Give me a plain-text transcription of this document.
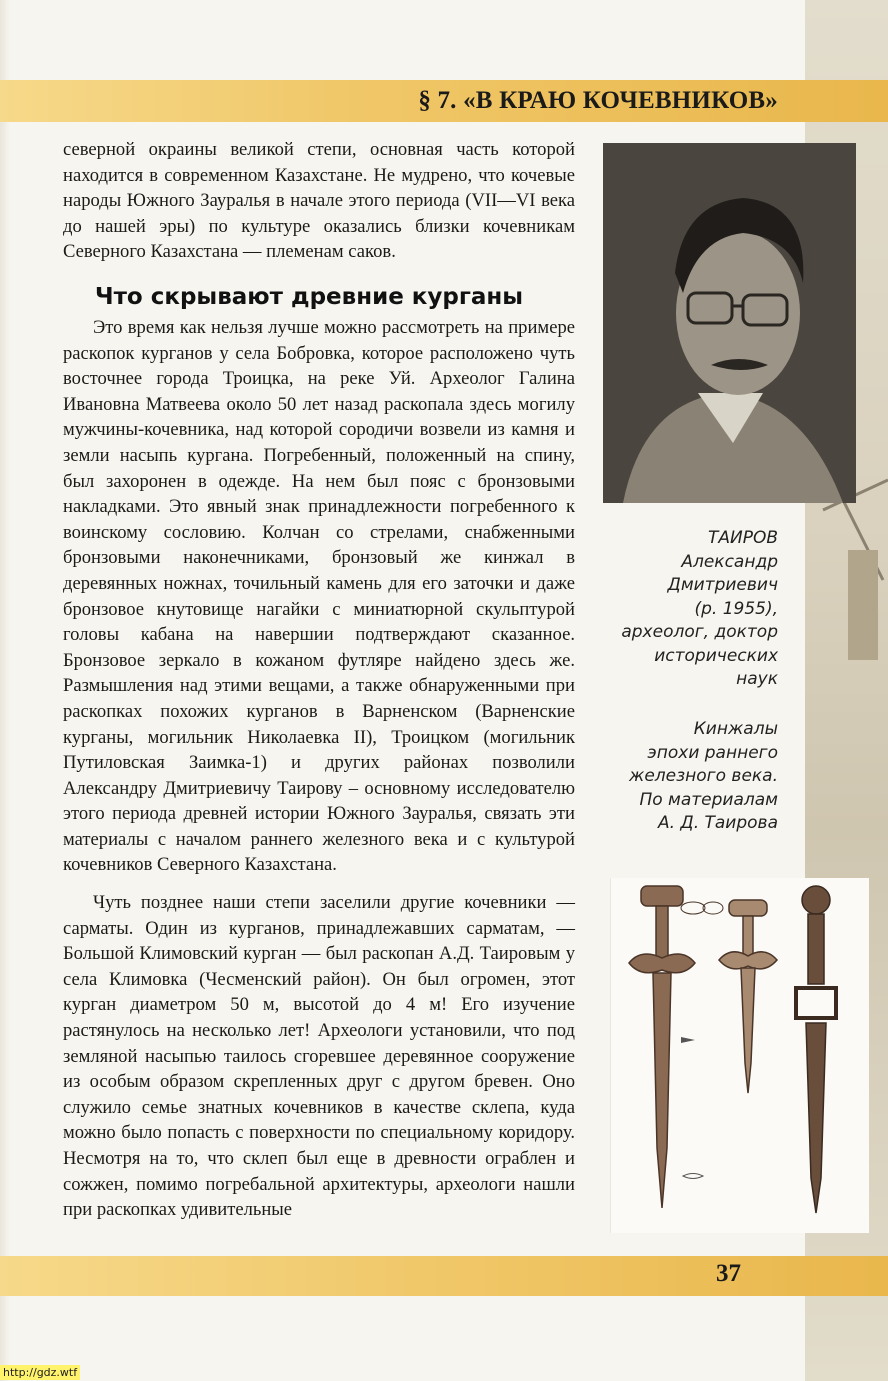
§ 7. «В КРАЮ КОЧЕВНИКОВ»

северной окраины великой степи, основная часть которой находится в современном Казахстане. Не мудрено, что кочевые народы Южного Зауралья в начале этого периода (VII—VI века до нашей эры) по культуре оказались близки кочевникам Северного Казахстана — племенам саков.

Что скрывают древние курганы

Это время как нельзя лучше можно рассмотреть на примере раскопок курганов у села Бобровка, которое расположено чуть восточнее города Троицка, на реке Уй. Археолог Галина Ивановна Матвеева около 50 лет назад раскопала здесь могилу мужчины-кочевника, над которой сородичи возвели из камня и земли насыпь кургана. Погребенный, положенный на спину, был захоронен в одежде. На нем был пояс с бронзовыми накладками. Это явный знак принадлежности погребенного к воинскому сословию. Колчан со стрелами, снабженными бронзовыми наконечниками, бронзовый же кинжал в деревянных ножнах, точильный камень для его заточки и даже бронзовое кнутовище нагайки с миниатюрной скульптурой головы кабана на навершии подтверждают сказанное. Бронзовое зеркало в кожаном футляре найдено здесь же. Размышления над этими вещами, а также обнаруженными при раскопках похожих курганов в Варненском (Варненские курганы, могильник Николаевка II), Троицком (могильник Путиловская Заимка-1) и других районах позволили Александру Дмитриевичу Таирову – основному исследователю этого периода древней истории Южного Зауралья, связать эти материалы с началом раннего железного века и с культурой кочевников Северного Казахстана.

Чуть позднее наши степи заселили другие кочевники — сарматы. Один из курганов, принадлежавших сарматам, — Большой Климовский курган — был раскопан А.Д. Таировым у села Климовка (Чесменский район). Он был огромен, этот курган диаметром 50 м, высотой до 4 м! Его изучение растянулось на несколько лет! Археологи установили, что под земляной насыпью таилось сгоревшее деревянное сооружение из особым образом скрепленных друг с другом бревен. Оно служило семье знатных кочевников в качестве склепа, куда можно было попасть с поверхности по специальному коридору. Несмотря на то, что склеп был еще в древности ограблен и сожжен, помимо погребальной архитектуры, археологи нашли при раскопках удивительные

ТАИРОВ
Александр
Дмитриевич
(р. 1955),
археолог, доктор
исторических
наук
Кинжалы
эпохи раннего
железного века.
По материалам
А. Д. Таирова
37
http://gdz.wtf
